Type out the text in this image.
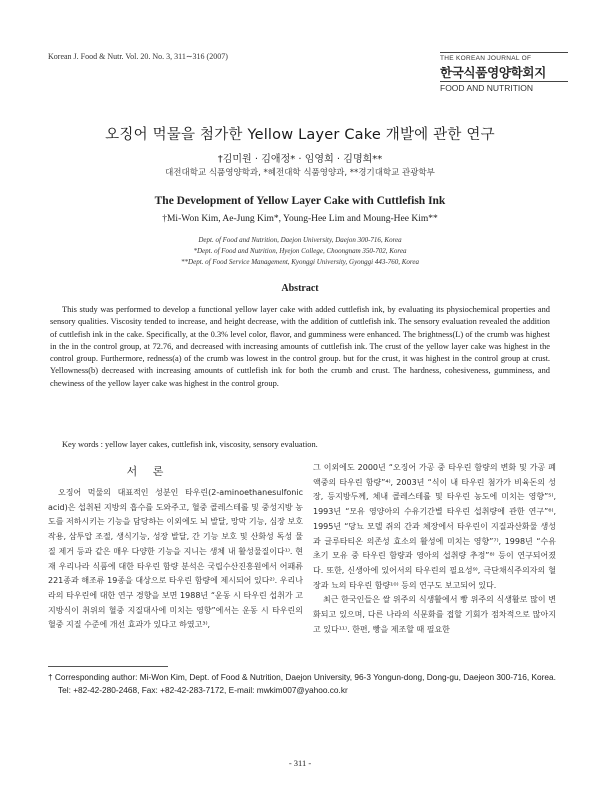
Korean J. Food & Nutr. Vol. 20. No. 3, 311∼316 (2007)	THE KOREAN JOURNAL OF
한국식품영양학회지
FOOD AND NUTRITION
오징어 먹물을 첨가한 Yellow Layer Cake 개발에 관한 연구
†김미원 · 김애정* · 임영희 · 김명희**
대전대학교 식품영양학과, *혜전대학 식품영양과, **경기대학교 관광학부
The Development of Yellow Layer Cake with Cuttlefish Ink
†Mi-Won Kim, Ae-Jung Kim*, Young-Hee Lim and Moung-Hee Kim**
Dept. of Food and Nutrition, Daejon University, Daejon 300-716, Korea
*Dept. of Food and Nutrition, Hyejon College, Choongnam 350-702, Korea
**Dept. of Food Service Management, Kyonggi University, Gyonggi 443-760, Korea
Abstract

This study was performed to develop a functional yellow layer cake with added cuttlefish ink, by evaluating its physiochemical properties and sensory qualities. Viscosity tended to increase, and height decrease, with the addition of cuttlefish ink. The sensory evaluation revealed the addition of cuttlefish ink in the cake. Specifically, at the 0.3% level color, flavor, and gumminess were enhanced. The brightness(L) of the crumb was highest in the in the control group, at 72.76, and decreased with increasing amounts of cuttlefish ink. The crust of the yellow layer cake was highest in the control group. Furthermore, redness(a) of the crumb was lowest in the control group. but for the crust, it was highest in the control group at crust. Yellowness(b) decreased with increasing amounts of cuttlefish ink for both the crumb and crust. The hardness, cohesiveness, gumminess, and chewiness of the yellow layer cake was highest in the control group.

Key words : yellow layer cakes, cuttlefish ink, viscosity, sensory evaluation.
서 론

오징어 먹물의 대표적인 성분인 타우린(2-aminoethanesulfonic acid)은 섭취된 지방의 흡수를 도와주고, 혈중 콜레스테롤 및 중성지방 농도를 저하시키는 기능을 담당하는 이외에도 뇌 발달, 망막 기능, 심장 보호 작용, 삼투압 조절, 생식기능, 성장 발달, 간 기능 보호 및 산화성 독성 물질 제거 등과 같은 매우 다양한 기능을 지니는 생체 내 활성물질이다¹⁾. 현재 우리나라 식품에 대한 타우린 함량 분석은 국립수산진흥원에서 어패류 221종과 해조류 19종을 대상으로 타우린 함량에 제시되어 있다²⁾. 우리나라의 타우린에 대한 연구 경향을 보면 1988년 “운동 시 타우린 섭취가 고지방식이 취위의 혈중 지질대사에 미치는 영향”에서는 운동 시 타우린의 혈중 지질 수준에 개선 효과가 있다고 하였고³⁾,

그 이외에도 2000년 “오징어 가공 중 타우린 함량의 변화 및 가공 폐액중의 타우린 함량”⁴⁾, 2003년 “식이 내 타우린 첨가가 비육돈의 성장, 등지방두께, 체내 콜레스테롤 및 타우린 농도에 미치는 영향”⁵⁾, 1993년 “모유 영양아의 수유기간별 타우린 섭취량에 관한 연구”⁶⁾, 1995년 “당뇨 모델 쥐의 간과 체장에서 타우린이 지질과산화물 생성과 글루타티온 의존성 효소의 활성에 미치는 영향”⁷⁾, 1998년 “수유 초기 모유 중 타우린 함량과 영아의 섭취량 추정”⁸⁾ 등이 연구되어졌다. 또한, 신생아에 있어서의 타우린의 필요성⁹⁾, 극단채식주의자의 혈장과 뇨의 타우린 함량¹⁰⁾ 등의 연구도 보고되어 있다.

최근 한국인들은 쌀 위주의 식생활에서 빵 위주의 식생활로 많이 변화되고 있으며, 다른 나라의 식문화를 접할 기회가 점차적으로 많아지고 있다¹¹⁾. 한편, 빵을 제조할 때 필요한

† Corresponding author: Mi-Won Kim, Dept. of Food & Nutrition, Daejon University, 96-3 Yongun-dong, Dong-gu, Daejeon 300-716, Korea.
Tel: +82-42-280-2468, Fax: +82-42-283-7172, E-mail: mwkim007@yahoo.co.kr
- 311 -
